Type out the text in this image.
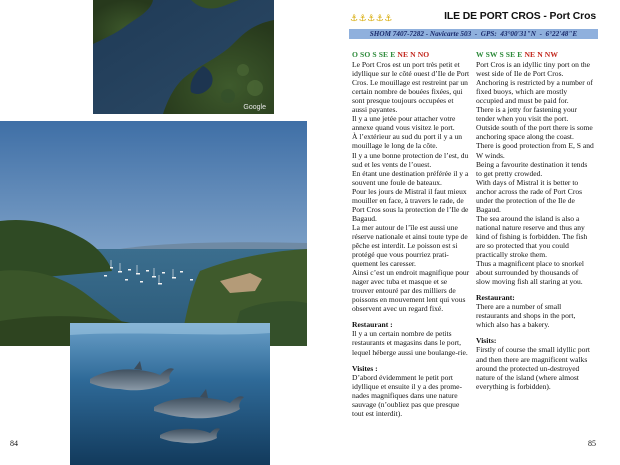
Google
⚓⚓⚓⚓⚓	ILE DE PORT CROS - Port Cros
SHOM 7407-7282 - Navicarte 503  -  GPS:  43°00'31"N  -  6°22'48"E

O SO S SE E NE N NO

Le Port Cros est un port très petit et idyllique sur le côté ouest d’Ile de Port Cros. Le mouillage est restreint par un certain nombre de bouées fixées, qui sont presque toujours occupées et aussi payantes.

Il y a une jetée pour attacher votre annexe quand vous visitez le port.

À l’extérieur au sud du port il y a un mouillage le long de la côte.

Il y a une bonne protection de l’est, du sud et les vents de l’ouest.

En étant une destination préférée il y a souvent une foule de bateaux.

Pour les jours de Mistral il faut mieux mouiller en face, à travers le rade, de Port Cros sous la protection de l’Ile de Bagaud.

La mer autour de l’île est aussi une réserve nationale et ainsi toute type de pêche est interdit. Le poisson est si protégé que vous pourriez prati-quement les caresser.

Ainsi c’est un endroit magnifique pour nager avec tuba et masque et se trouver entouré par des milliers de poissons en mouvement lent qui vous observent avec un regard fixé.

Restaurant :

Il y a un certain nombre de petits restaurants et magasins dans le port, lequel héberge aussi une boulange-rie.

Visites :

D’abord évidemment le petit port idyllique et ensuite il y a des prome-nades magnifiques dans une nature sauvage (n’oubliez pas que presque tout est interdit).

W SW S SE E NE N NW

Port Cros is an idyllic tiny port on the west side of Ile de Port Cros. Anchoring is restricted by a number of fixed buoys, which are mostly occupied and must be paid for.

There is a jetty for fastening your tender when you visit the port.

Outside south of the port there is some anchoring space along the coast.

There is good protection from E, S and W winds.

Being a favourite destination it tends to get pretty crowded.

With days of Mistral it is better to anchor across the rade of Port Cros under the protection of the Ile de Bagaud.

The sea around the island is also a national nature reserve and thus any kind of fishing is forbidden. The fish are so protected that you could practically stroke them.

Thus a magnificent place to snorkel about surrounded by thousands of slow moving fish all staring at you.

Restaurant:

There are a number of small restaurants and shops in the port, which also has a bakery.

Visits:

Firstly of course the small idyllic port and then there are magnificent walks around the protected un-destroyed nature of the island (where almost everything is forbidden).

84	85
